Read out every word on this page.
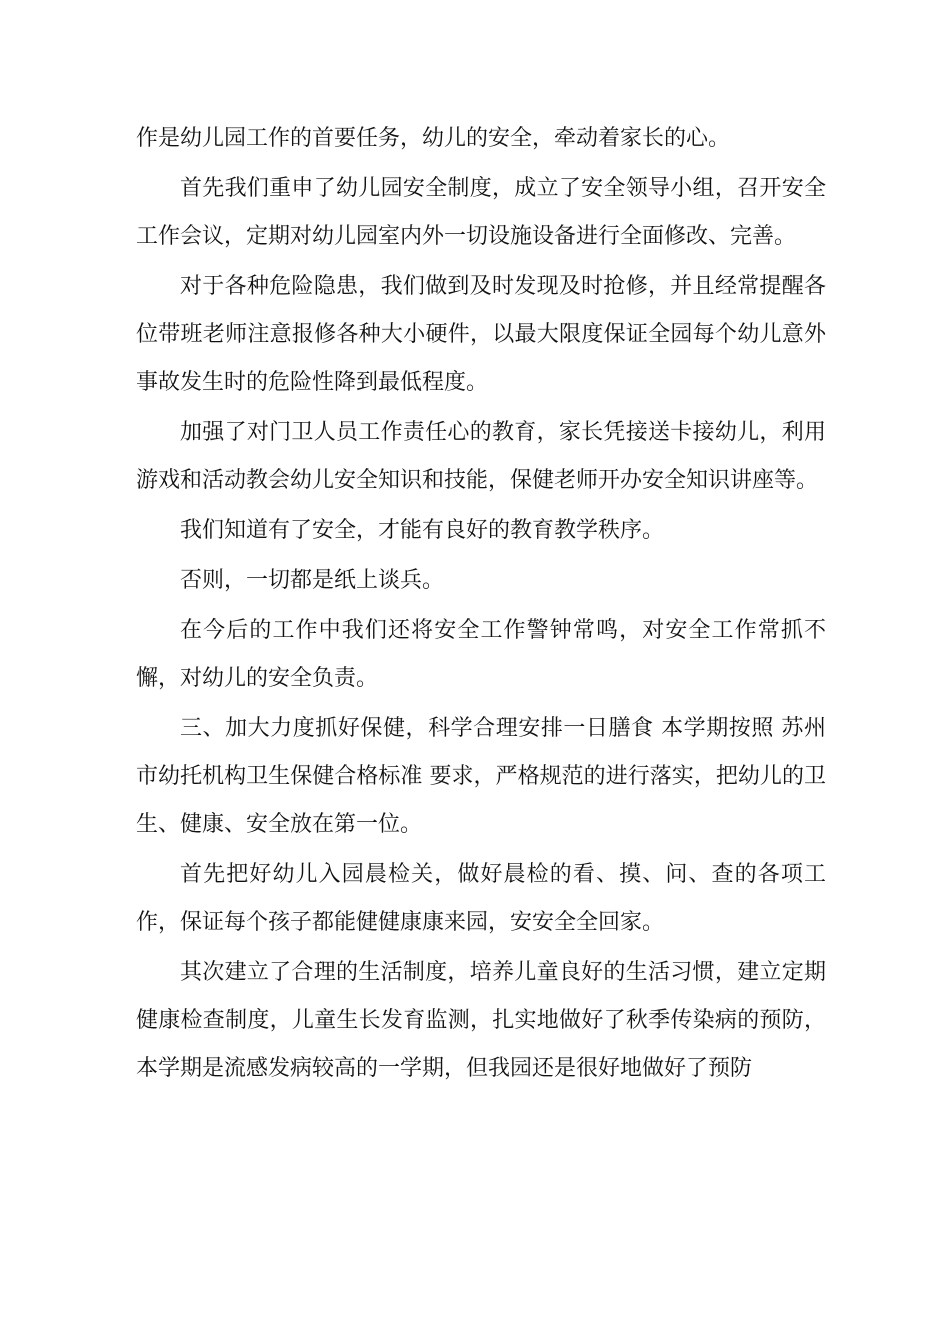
作是幼儿园工作的首要任务，幼儿的安全，牵动着家长的心。

首先我们重申了幼儿园安全制度，成立了安全领导小组，召开安全工作会议，定期对幼儿园室内外一切设施设备进行全面修改、完善。

对于各种危险隐患，我们做到及时发现及时抢修，并且经常提醒各位带班老师注意报修各种大小硬件，以最大限度保证全园每个幼儿意外事故发生时的危险性降到最低程度。

加强了对门卫人员工作责任心的教育，家长凭接送卡接幼儿，利用游戏和活动教会幼儿安全知识和技能，保健老师开办安全知识讲座等。

我们知道有了安全，才能有良好的教育教学秩序。

否则，一切都是纸上谈兵。

在今后的工作中我们还将安全工作警钟常鸣，对安全工作常抓不懈，对幼儿的安全负责。

三、加大力度抓好保健，科学合理安排一日膳食 本学期按照 苏州市幼托机构卫生保健合格标准 要求，严格规范的进行落实，把幼儿的卫生、健康、安全放在第一位。

首先把好幼儿入园晨检关，做好晨检的看、摸、问、查的各项工作，保证每个孩子都能健健康康来园，安安全全回家。

其次建立了合理的生活制度，培养儿童良好的生活习惯，建立定期健康检查制度，儿童生长发育监测，扎实地做好了秋季传染病的预防，本学期是流感发病较高的一学期，但我园还是很好地做好了预防
